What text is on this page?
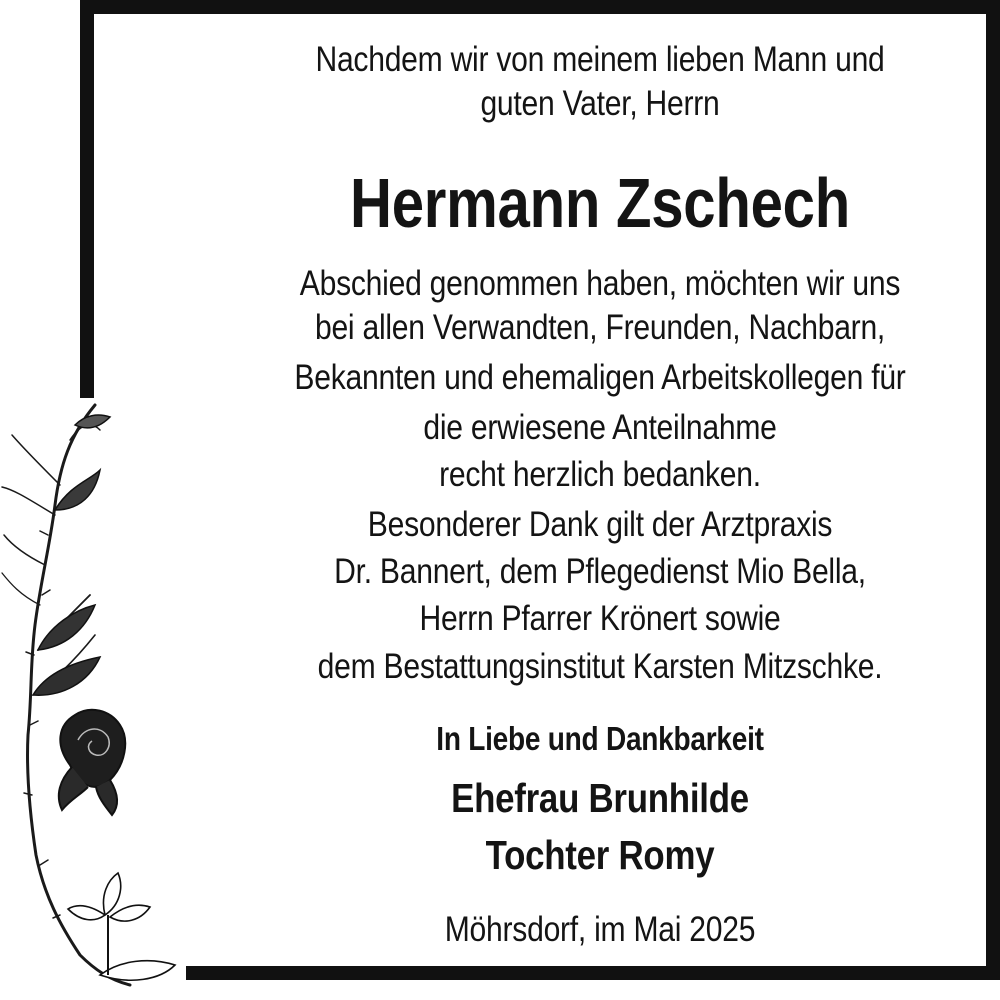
Nachdem wir von meinem lieben Mann und
guten Vater, Herrn
Hermann Zschech
Abschied genommen haben, möchten wir uns
bei allen Verwandten, Freunden, Nachbarn,
Bekannten und ehemaligen Arbeitskollegen für
die erwiesene Anteilnahme
recht herzlich bedanken.
Besonderer Dank gilt der Arztpraxis
Dr. Bannert, dem Pflegedienst Mio Bella,
Herrn Pfarrer Krönert sowie
dem Bestattungsinstitut Karsten Mitzschke.
In Liebe und Dankbarkeit
Ehefrau Brunhilde
Tochter Romy
Möhrsdorf, im Mai 2025
